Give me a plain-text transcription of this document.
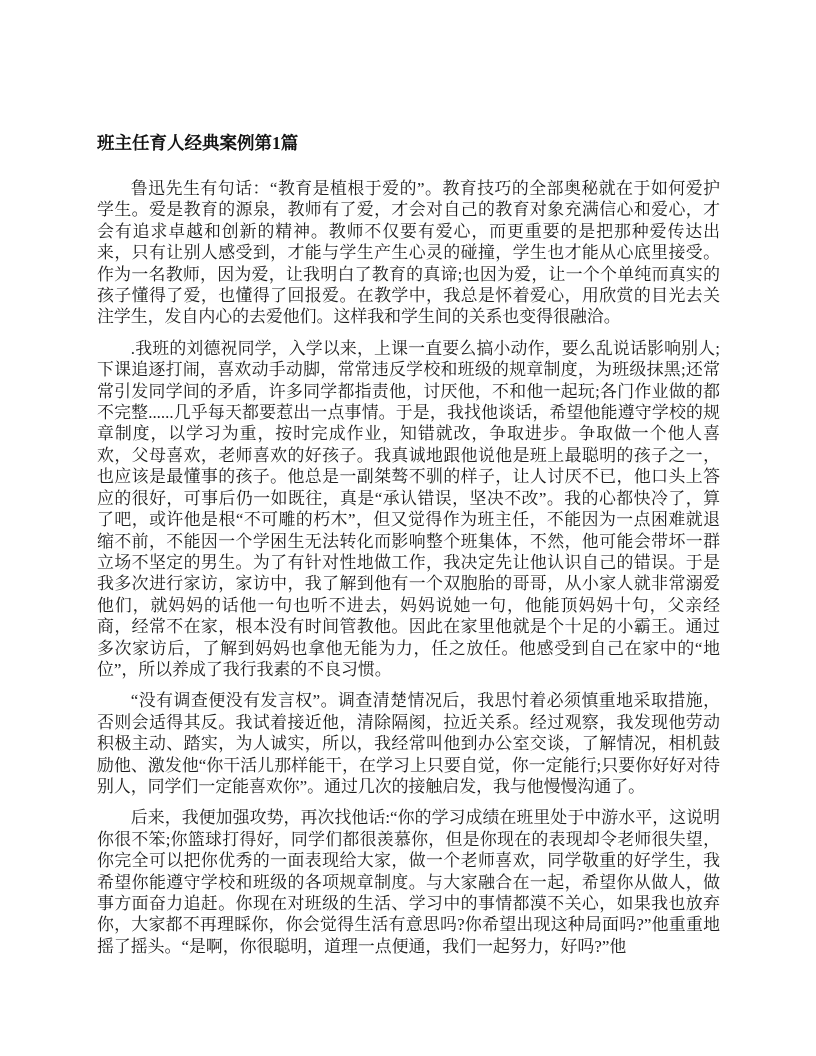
班主任育人经典案例第1篇

鲁迅先生有句话：“教育是植根于爱的”。教育技巧的全部奥秘就在于如何爱护学生。爱是教育的源泉，教师有了爱，才会对自己的教育对象充满信心和爱心，才会有追求卓越和创新的精神。教师不仅要有爱心，而更重要的是把那种爱传达出来，只有让别人感受到，才能与学生产生心灵的碰撞，学生也才能从心底里接受。作为一名教师，因为爱，让我明白了教育的真谛;也因为爱，让一个个单纯而真实的孩子懂得了爱，也懂得了回报爱。在教学中，我总是怀着爱心，用欣赏的目光去关注学生，发自内心的去爱他们。这样我和学生间的关系也变得很融洽。

.我班的刘德祝同学，入学以来，上课一直要么搞小动作，要么乱说话影响别人;下课追逐打闹，喜欢动手动脚，常常违反学校和班级的规章制度，为班级抹黑;还常常引发同学间的矛盾，许多同学都指责他，讨厌他，不和他一起玩;各门作业做的都不完整......几乎每天都要惹出一点事情。于是，我找他谈话，希望他能遵守学校的规章制度，以学习为重，按时完成作业，知错就改，争取进步。争取做一个他人喜欢，父母喜欢，老师喜欢的好孩子。我真诚地跟他说他是班上最聪明的孩子之一，也应该是最懂事的孩子。他总是一副桀骜不驯的样子，让人讨厌不已，他口头上答应的很好，可事后仍一如既往，真是“承认错误，坚决不改”。我的心都快冷了，算了吧，或许他是根“不可雕的朽木”，但又觉得作为班主任，不能因为一点困难就退缩不前，不能因一个学困生无法转化而影响整个班集体，不然，他可能会带坏一群立场不坚定的男生。为了有针对性地做工作，我决定先让他认识自己的错误。于是我多次进行家访，家访中，我了解到他有一个双胞胎的哥哥，从小家人就非常溺爱他们，就妈妈的话他一句也听不进去，妈妈说她一句，他能顶妈妈十句，父亲经商，经常不在家，根本没有时间管教他。因此在家里他就是个十足的小霸王。通过多次家访后，了解到妈妈也拿他无能为力，任之放任。他感受到自己在家中的“地位”，所以养成了我行我素的不良习惯。

“没有调查便没有发言权”。调查清楚情况后，我思忖着必须慎重地采取措施，否则会适得其反。我试着接近他，清除隔阂，拉近关系。经过观察，我发现他劳动积极主动、踏实，为人诚实，所以，我经常叫他到办公室交谈，了解情况，相机鼓励他、激发他“你干活儿那样能干，在学习上只要自觉，你一定能行;只要你好好对待别人，同学们一定能喜欢你”。通过几次的接触启发，我与他慢慢沟通了。

后来，我便加强攻势，再次找他话:“你的学习成绩在班里处于中游水平，这说明你很不笨;你篮球打得好，同学们都很羡慕你，但是你现在的表现却令老师很失望，你完全可以把你优秀的一面表现给大家，做一个老师喜欢，同学敬重的好学生，我希望你能遵守学校和班级的各项规章制度。与大家融合在一起，希望你从做人，做事方面奋力追赶。你现在对班级的生活、学习中的事情都漠不关心，如果我也放弃你，大家都不再理睬你，你会觉得生活有意思吗?你希望出现这种局面吗?”他重重地摇了摇头。“是啊，你很聪明，道理一点便通，我们一起努力，好吗?”他
